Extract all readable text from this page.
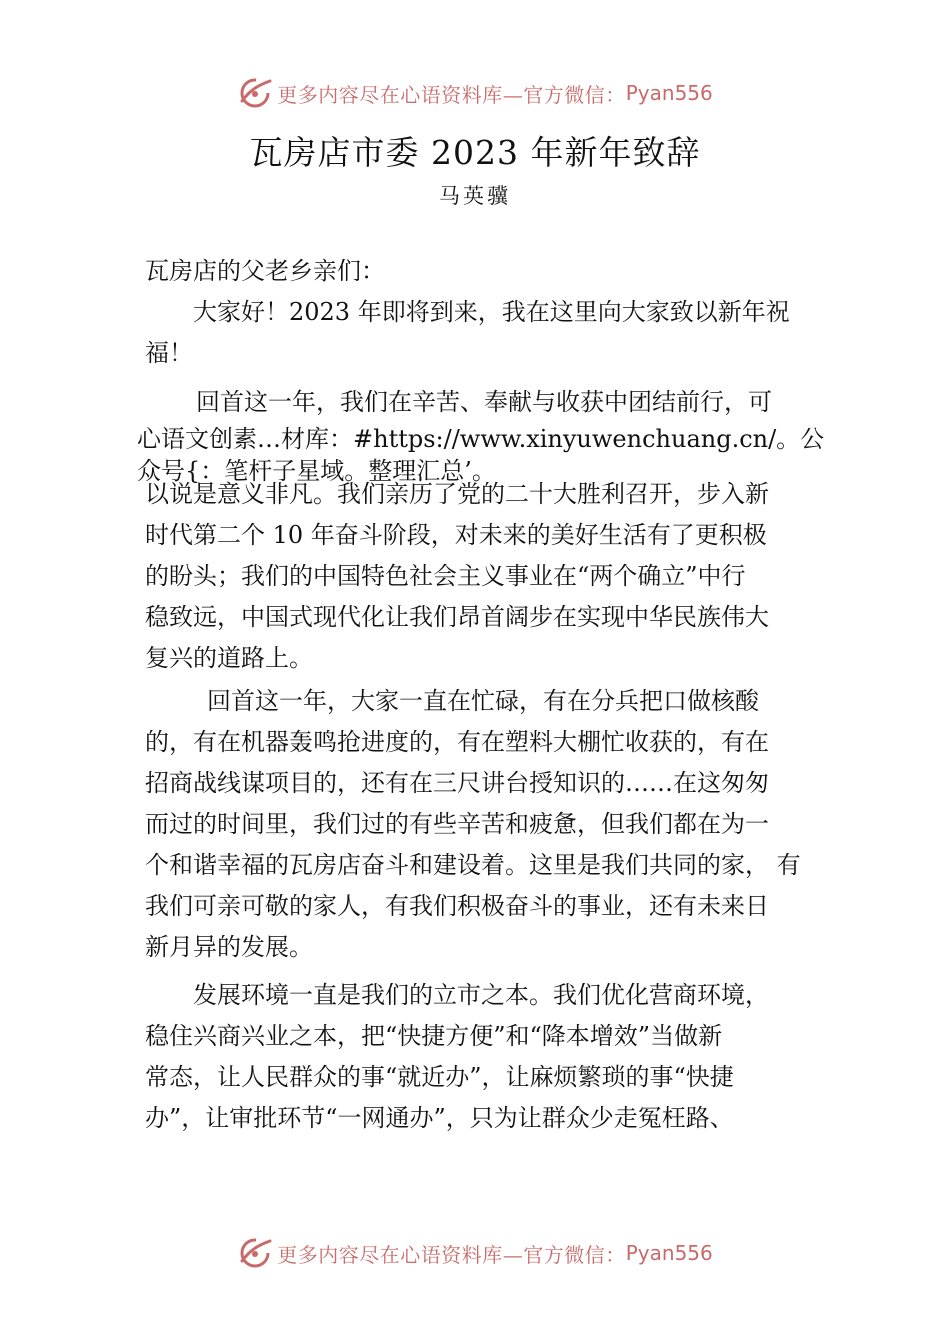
更多内容尽在心语资料库—官方微信： Pyan556
瓦房店市委 2023 年新年致辞
马英骥
瓦房店的父老乡亲们：
大家好！2023 年即将到来，我在这里向大家致以新年祝
福！
回首这一年，我们在辛苦、奉献与收获中团结前行，可
心语文创素…材库：#https://www.xinyuwenchuang.cn/。公
众号{：笔杆子星域。整理汇总’。
以说是意义非凡。我们亲历了党的二十大胜利召开，步入新
时代第二个 10 年奋斗阶段，对未来的美好生活有了更积极
的盼头；我们的中国特色社会主义事业在“两个确立”中行
稳致远，中国式现代化让我们昂首阔步在实现中华民族伟大
复兴的道路上。
回首这一年，大家一直在忙碌，有在分兵把口做核酸
的，有在机器轰鸣抢进度的，有在塑料大棚忙收获的，有在
招商战线谋项目的，还有在三尺讲台授知识的……在这匆匆
而过的时间里，我们过的有些辛苦和疲惫，但我们都在为一
个和谐幸福的瓦房店奋斗和建设着。这里是我们共同的家， 有
我们可亲可敬的家人，有我们积极奋斗的事业，还有未来日
新月异的发展。
发展环境一直是我们的立市之本。我们优化营商环境，
稳住兴商兴业之本，把“快捷方便”和“降本增效”当做新
常态，让人民群众的事“就近办”，让麻烦繁琐的事“快捷
办”，让审批环节“一网通办”，只为让群众少走冤枉路、
更多内容尽在心语资料库—官方微信： Pyan556
